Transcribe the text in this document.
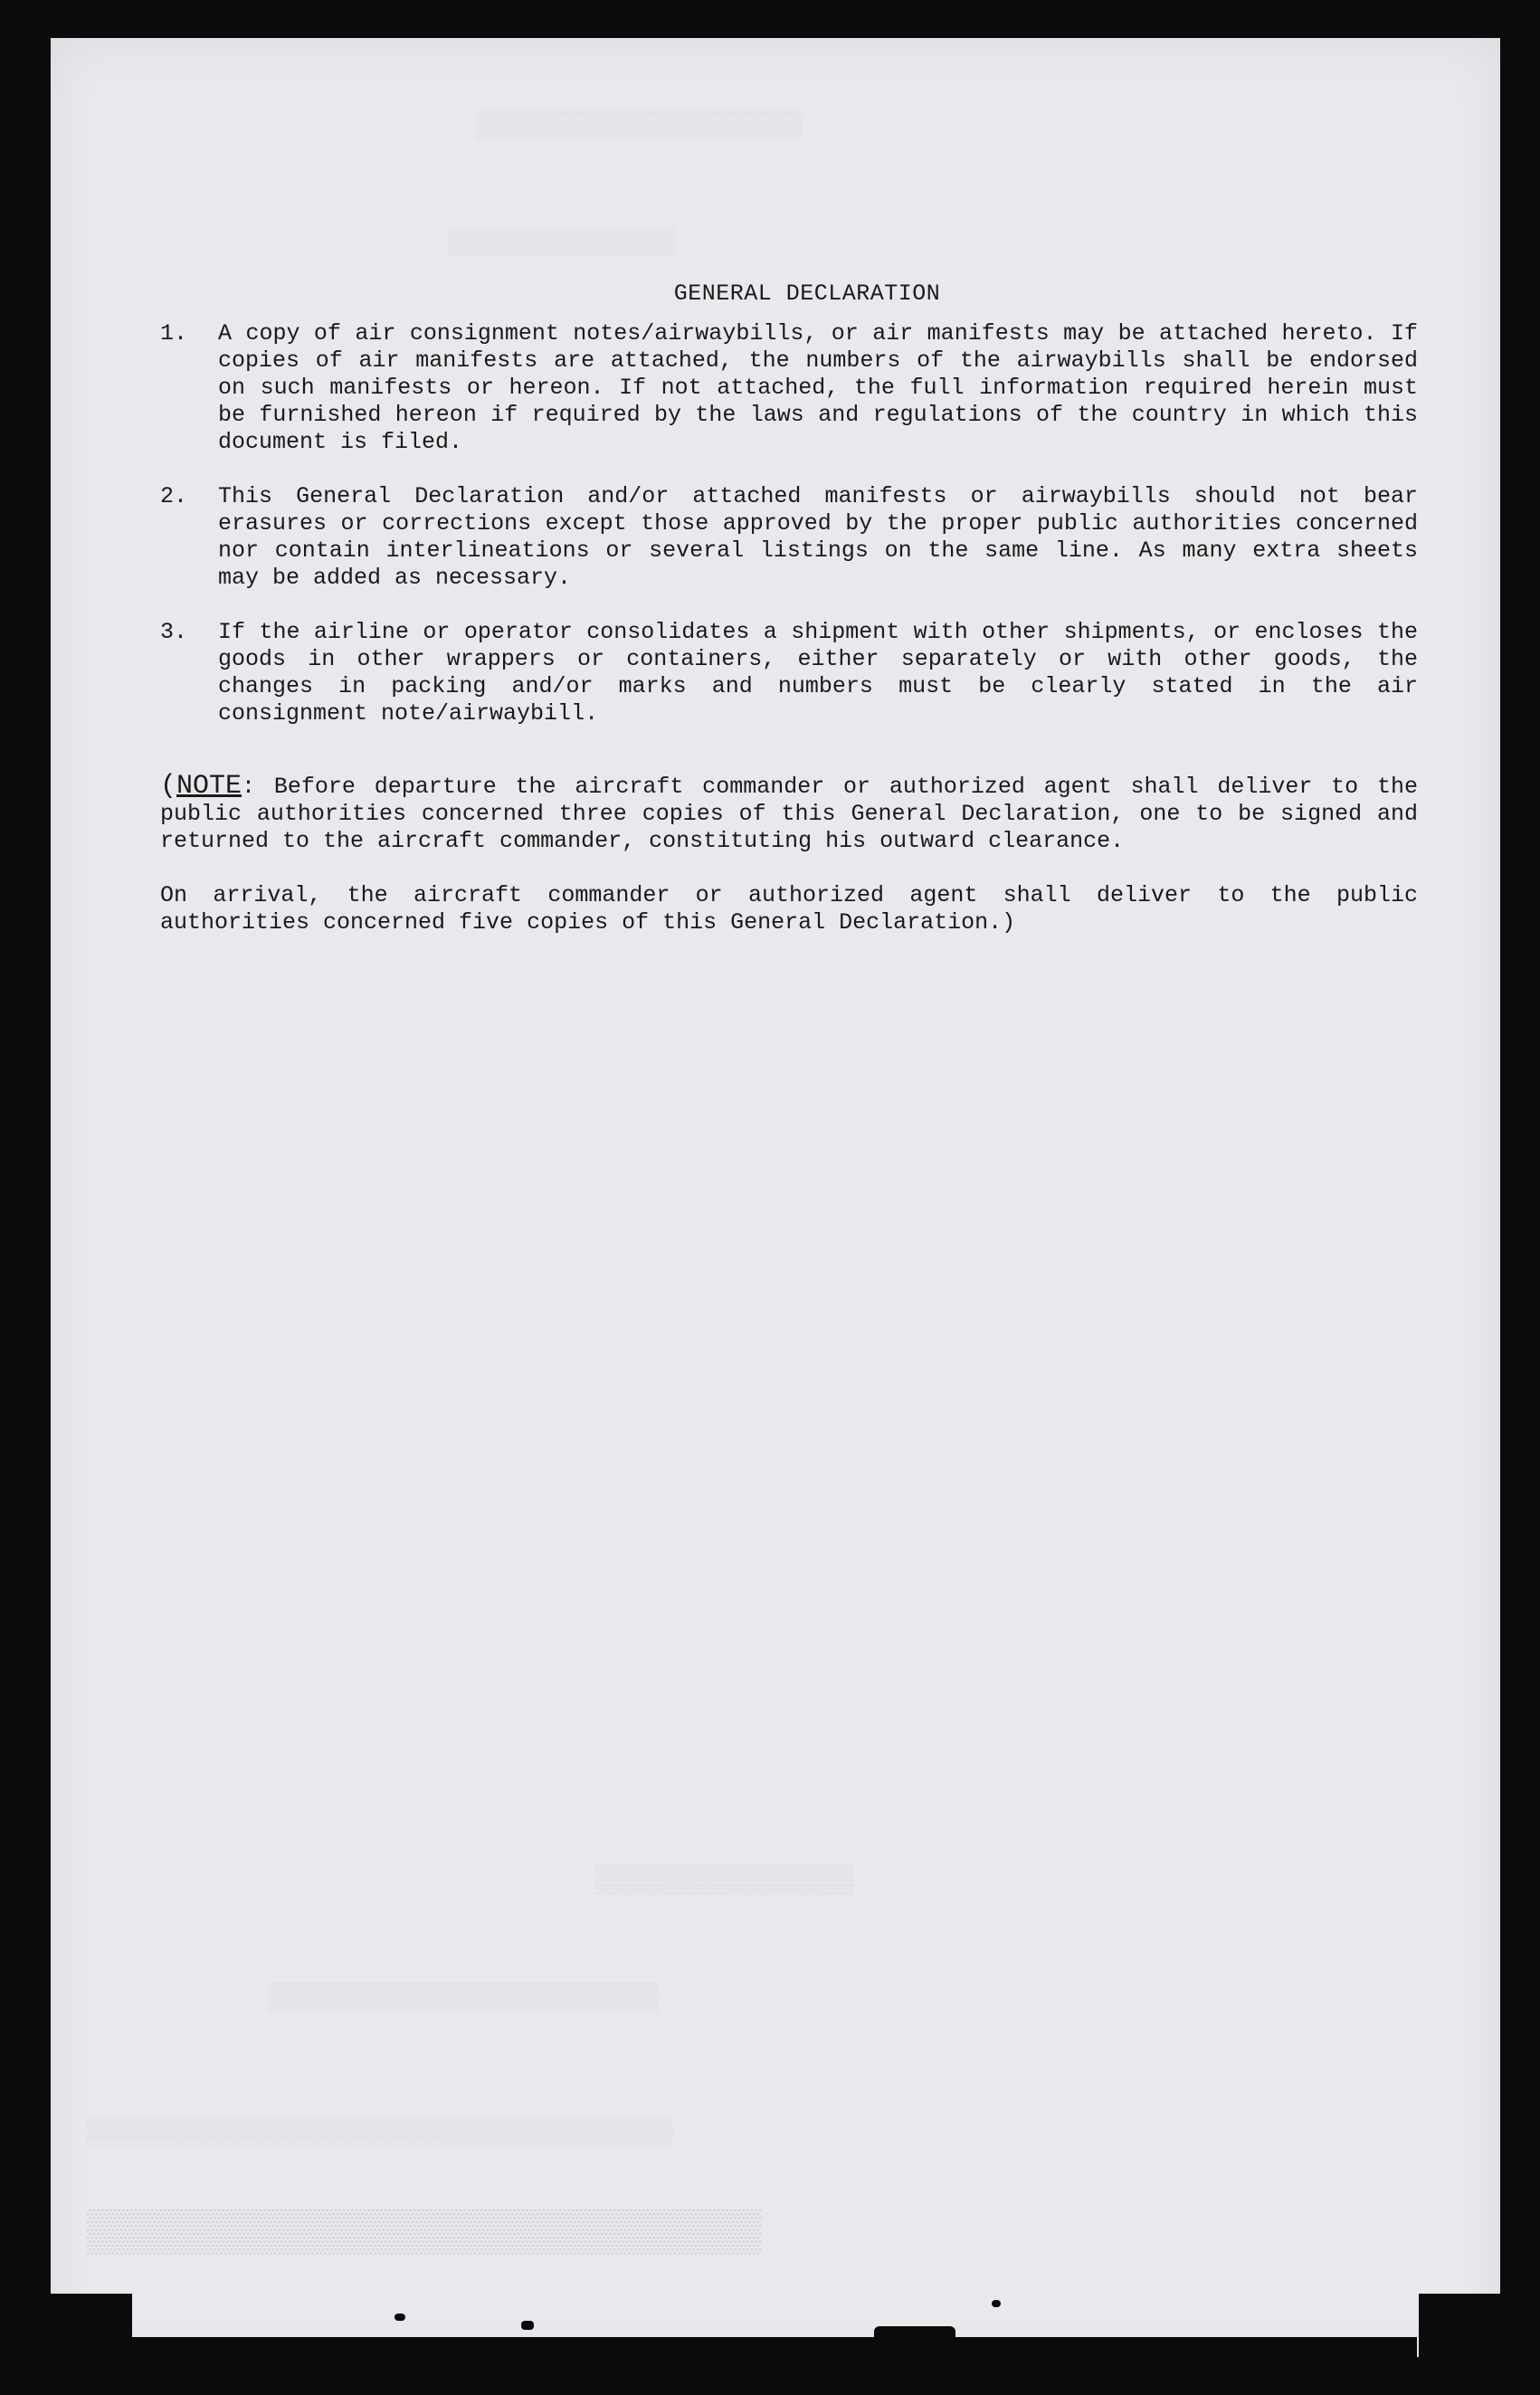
▒▒▒▒▒▒▒▒▒▒▒▒▒▒▒▒▒▒▒▒
▒▒▒▒▒▒▒▒▒▒▒▒▒▒
▒▒▒▒▒▒▒▒▒▒▒▒▒▒▒▒
▒▒▒▒▒▒▒▒▒▒▒▒▒▒▒▒▒▒▒▒▒▒▒▒
▒▒▒▒▒▒▒▒▒▒▒▒▒▒▒▒▒▒▒▒▒▒▒▒▒▒▒▒▒▒▒▒▒▒▒▒
▒▒▒▒▒▒▒▒▒▒▒▒▒▒▒▒▒▒▒▒▒▒▒▒▒▒▒
GENERAL DECLARATION
1.	A copy of air consignment notes/airwaybills, or air manifests may be attached hereto. If copies of air manifests are attached, the numbers of the airwaybills shall be endorsed on such manifests or hereon. If not attached, the full information required herein must be furnished hereon if required by the laws and regulations of the country in which this document is filed.
2.	This General Declaration and/or attached manifests or airwaybills should not bear erasures or corrections except those approved by the proper public authorities concerned nor contain interlineations or several listings on the same line. As many extra sheets may be added as necessary.
3.	If the airline or operator consolidates a shipment with other shipments, or encloses the goods in other wrappers or containers, either separately or with other goods, the changes in packing and/or marks and numbers must be clearly stated in the air consignment note/airwaybill.

(NOTE: Before departure the aircraft commander or authorized agent shall deliver to the public authorities concerned three copies of this General Declaration, one to be signed and returned to the aircraft commander, constituting his outward clearance.

On arrival, the aircraft commander or authorized agent shall deliver to the public authorities concerned five copies of this General Declaration.)
